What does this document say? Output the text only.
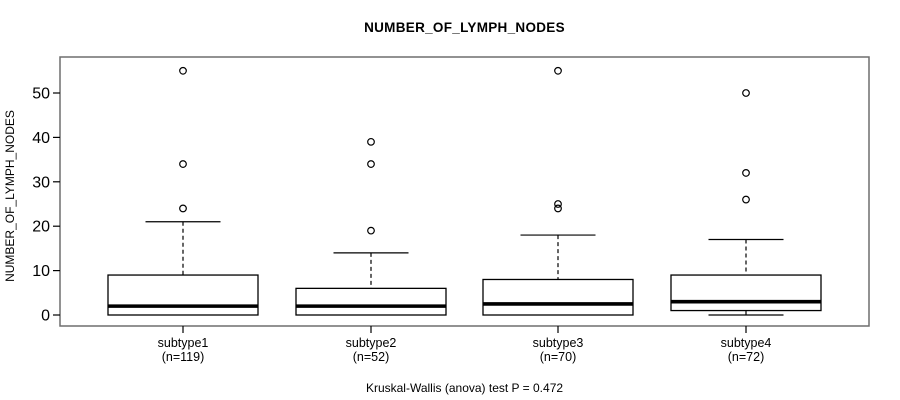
NUMBER_OF_LYMPH_NODES
NUMBER_OF_LYMPH_NODES
0
10
20
30
40
50
subtype1
(n=119)
subtype2
(n=52)
subtype3
(n=70)
subtype4
(n=72)
Kruskal-Wallis (anova) test P = 0.472
